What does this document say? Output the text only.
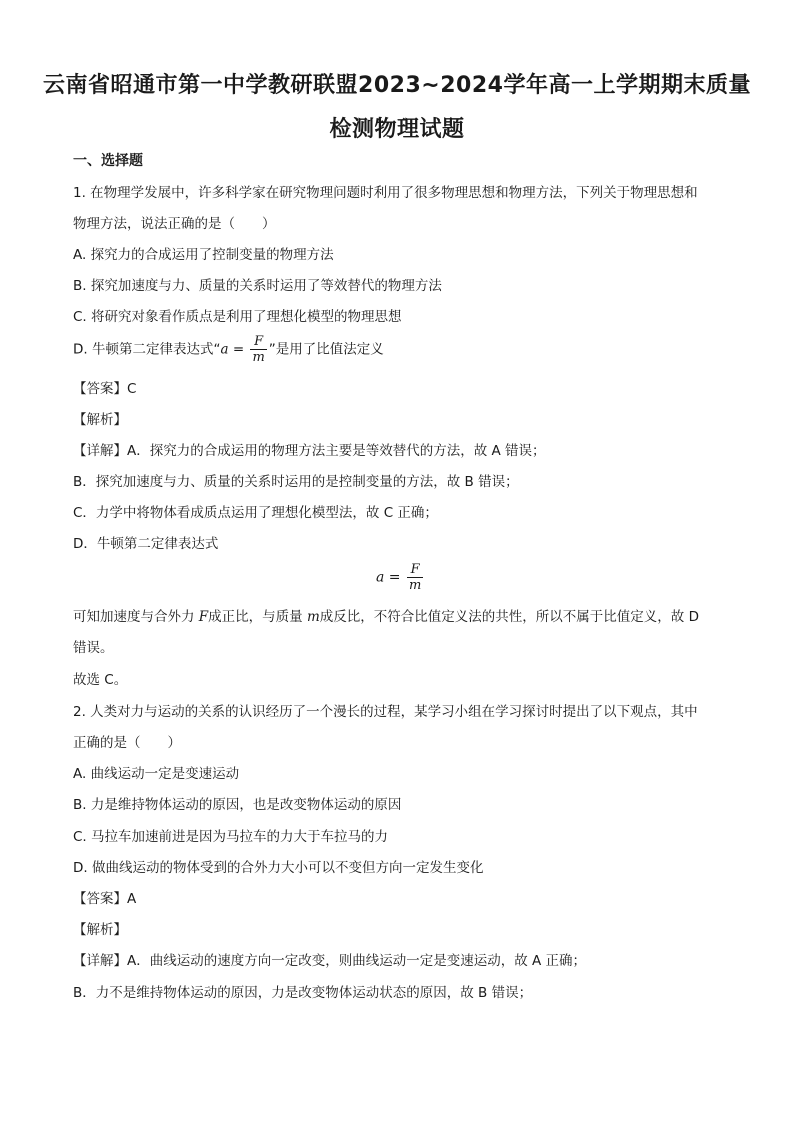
云南省昭通市第一中学教研联盟2023~2024学年高一上学期期末质量
检测物理试题
一、选择题
1. 在物理学发展中，许多科学家在研究物理问题时利用了很多物理思想和物理方法，下列关于物理思想和
物理方法，说法正确的是（　　）
A. 探究力的合成运用了控制变量的物理方法
B. 探究加速度与力、质量的关系时运用了等效替代的物理方法
C. 将研究对象看作质点是利用了理想化模型的物理思想
D. 牛顿第二定律表达式“$a = \frac{F}{m}$ ”是用了比值法定义
【答案】C
【解析】
【详解】A．探究力的合成运用的物理方法主要是等效替代的方法，故 A 错误；
B．探究加速度与力、质量的关系时运用的是控制变量的方法，故 B 错误；
C．力学中将物体看成质点运用了理想化模型法，故 C 正确；
D．牛顿第二定律表达式
$a = \frac{F}{m}$
可知加速度与合外力 F成正比，与质量 m成反比，不符合比值定义法的共性，所以不属于比值定义，故 D
错误。
故选 C。
2. 人类对力与运动的关系的认识经历了一个漫长的过程，某学习小组在学习探讨时提出了以下观点，其中
正确的是（　　）
A. 曲线运动一定是变速运动
B. 力是维持物体运动的原因，也是改变物体运动的原因
C. 马拉车加速前进是因为马拉车的力大于车拉马的力
D. 做曲线运动的物体受到的合外力大小可以不变但方向一定发生变化
【答案】A
【解析】
【详解】A．曲线运动的速度方向一定改变，则曲线运动一定是变速运动，故 A 正确；
B．力不是维持物体运动的原因，力是改变物体运动状态的原因，故 B 错误；
